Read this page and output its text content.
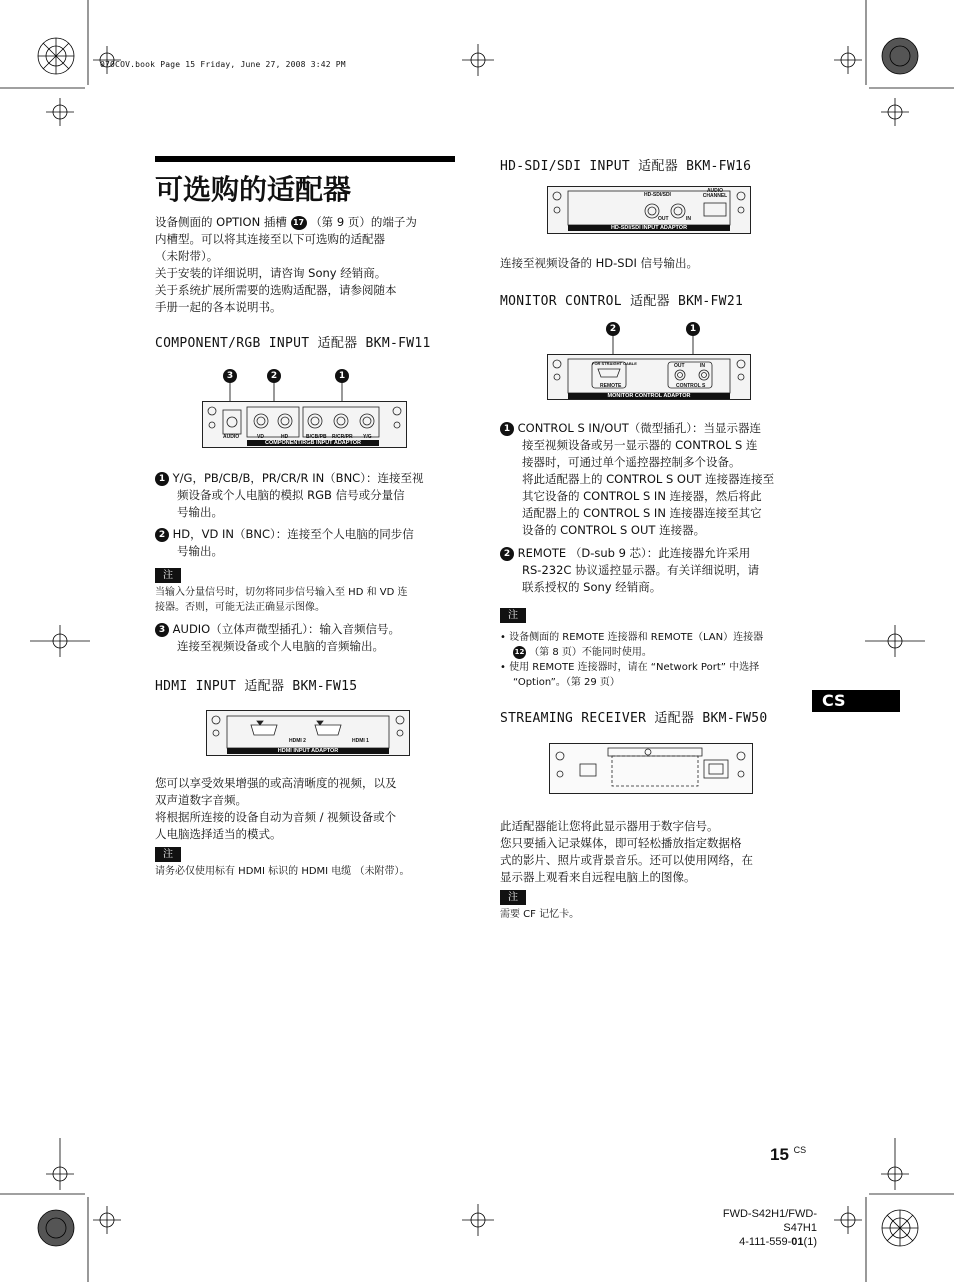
070COV.book Page 15 Friday, June 27, 2008 3:42 PM
可选购的适配器
设备侧面的 OPTION 插槽 17 （第 9 页）的端子为
内槽型。可以将其连接至以下可选购的适配器
（未附带）。
关于安装的详细说明，请咨询 Sony 经销商。
关于系统扩展所需要的选购适配器，请参阅随本
手册一起的各本说明书。
COMPONENT/RGB INPUT 适配器 BKM-FW11
3	2	1
AUDIO	VD	HD	B/CB/PB R/CR/PR Y/G
COMPONENT/RGB INPUT ADAPTOR
1 Y/G，PB/CB/B，PR/CR/R IN（BNC）：连接至视
频设备或个人电脑的模拟 RGB 信号或分量信
号输出。
2 HD，VD IN（BNC）：连接至个人电脑的同步信
号输出。
注
当输入分量信号时，切勿将同步信号输入至 HD 和 VD 连
接器。否则，可能无法正确显示图像。
3 AUDIO（立体声微型插孔）：输入音频信号。
连接至视频设备或个人电脑的音频输出。
HDMI INPUT 适配器 BKM-FW15
HDMI 2	HDMI 1
HDMI INPUT ADAPTOR
您可以享受效果增强的或高清晰度的视频，以及
双声道数字音频。
将根据所连接的设备自动为音频 / 视频设备或个
人电脑选择适当的模式。
注
请务必仅使用标有 HDMI 标识的 HDMI 电缆 （未附带）。
HD-SDI/SDI INPUT 适配器 BKM-FW16
HD-SDI/SDI
AUDIO CHANNEL
OUT	IN
HD-SDI/SDI INPUT ADAPTOR
连接至视频设备的 HD-SDI 信号输出。
MONITOR CONTROL 适配器 BKM-FW21
2	1
FOR STRAIGHT CABLE
REMOTE
OUT	IN
CONTROL S
MONITOR CONTROL ADAPTOR
1 CONTROL S IN/OUT（微型插孔）：当显示器连
接至视频设备或另一显示器的 CONTROL S 连
接器时，可通过单个遥控器控制多个设备。
将此适配器上的 CONTROL S OUT 连接器连接至
其它设备的 CONTROL S IN 连接器，然后将此
适配器上的 CONTROL S IN 连接器连接至其它
设备的 CONTROL S OUT 连接器。
2 REMOTE （D-sub 9 芯）：此连接器允许采用
RS-232C 协议遥控显示器。有关详细说明，请
联系授权的 Sony 经销商。
注
• 设备侧面的 REMOTE 连接器和 REMOTE（LAN）连接器
12 （第 8 页）不能同时使用。
• 使用 REMOTE 连接器时，请在 “Network Port” 中选择
“Option”。（第 29 页）
CS
STREAMING RECEIVER 适配器 BKM-FW50
此适配器能让您将此显示器用于数字信号。
您只要插入记录媒体，即可轻松播放指定数据格
式的影片、照片或背景音乐。还可以使用网络，在
显示器上观看来自远程电脑上的图像。
注
需要 CF 记忆卡。
15 $^{CS}$
FWD-S42H1/FWD-S47H1
4-111-559-01(1)
